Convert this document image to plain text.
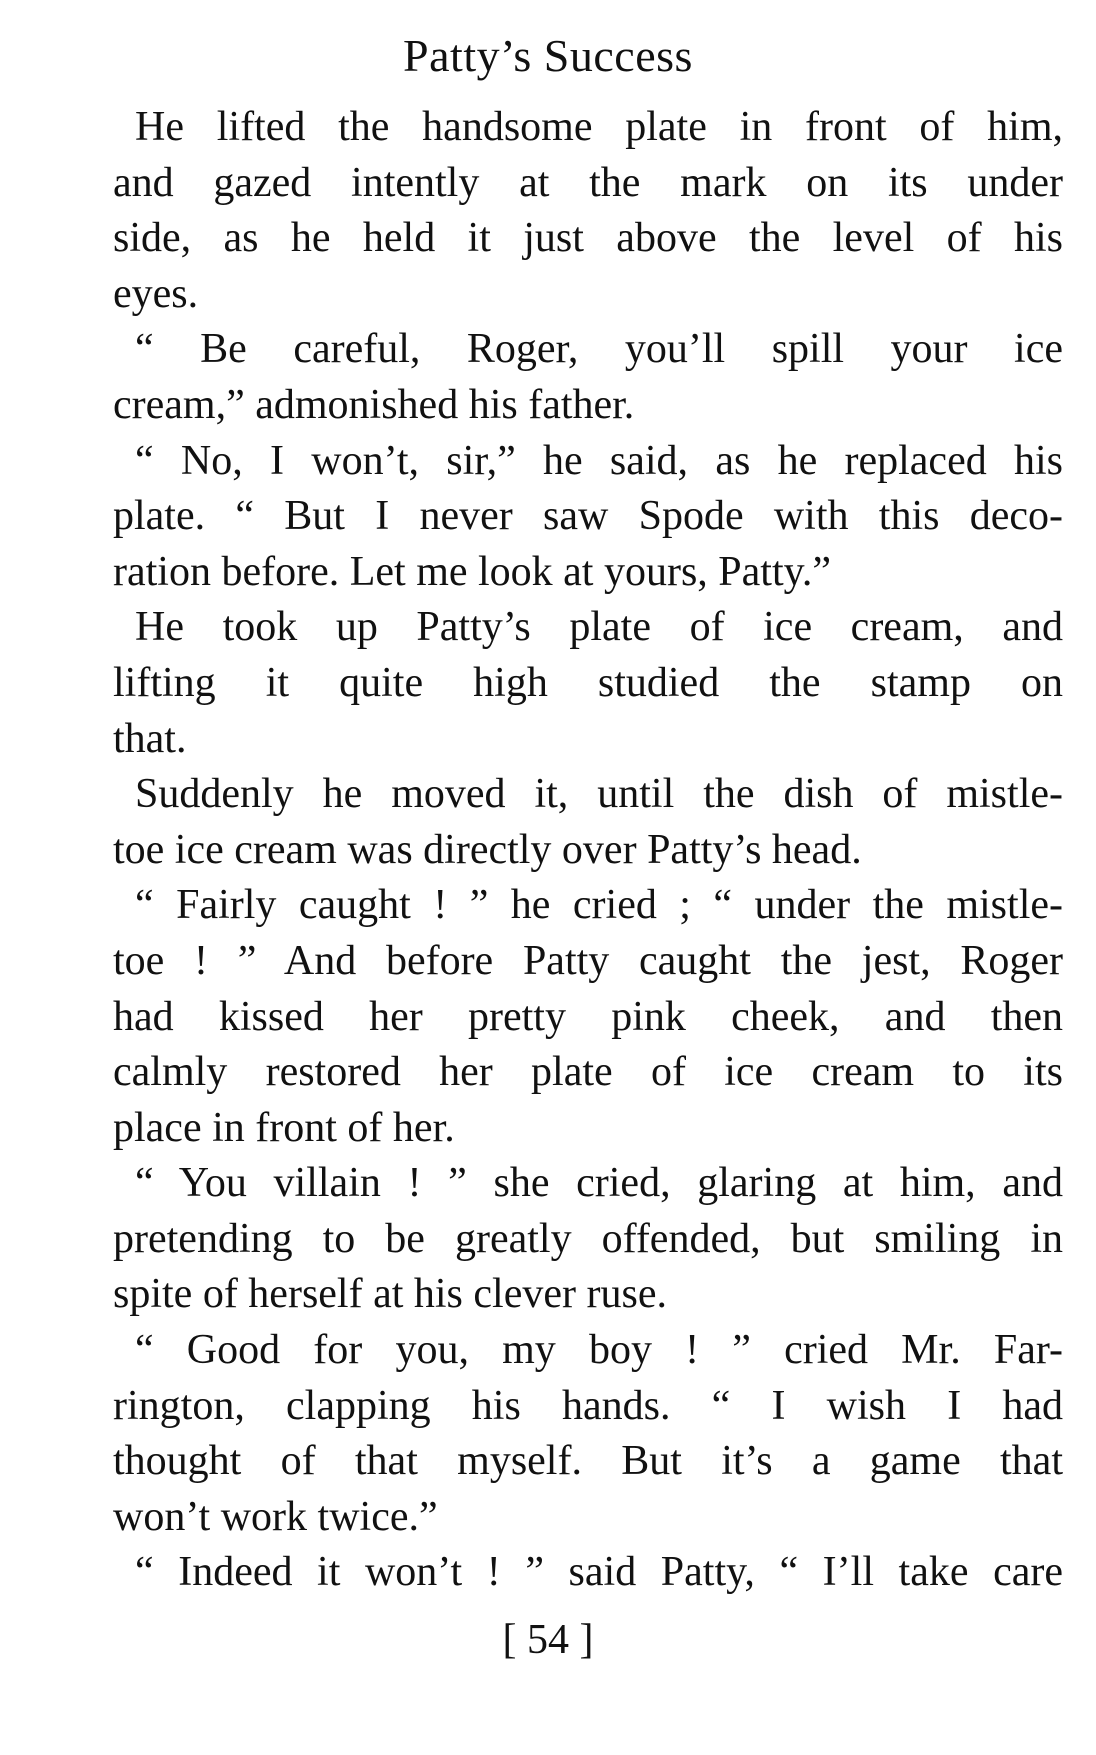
Patty’s Success

He lifted the handsome plate in front of him,
and gazed intently at the mark on its under
side, as he held it just above the level of his
eyes.

“ Be careful, Roger, you’ll spill your ice
cream,” admonished his father.

“ No, I won’t, sir,” he said, as he replaced his
plate. “ But I never saw Spode with this deco-
ration before. Let me look at yours, Patty.”

He took up Patty’s plate of ice cream, and
lifting it quite high studied the stamp on
that.

Suddenly he moved it, until the dish of mistle-
toe ice cream was directly over Patty’s head.

“ Fairly caught ! ” he cried ; “ under the mistle-
toe ! ” And before Patty caught the jest, Roger
had kissed her pretty pink cheek, and then
calmly restored her plate of ice cream to its
place in front of her.

“ You villain ! ” she cried, glaring at him, and
pretending to be greatly offended, but smiling in
spite of herself at his clever ruse.

“ Good for you, my boy ! ” cried Mr. Far-
rington, clapping his hands. “ I wish I had
thought of that myself. But it’s a game that
won’t work twice.”

“ Indeed it won’t ! ” said Patty, “ I’ll take care

[ 54 ]
